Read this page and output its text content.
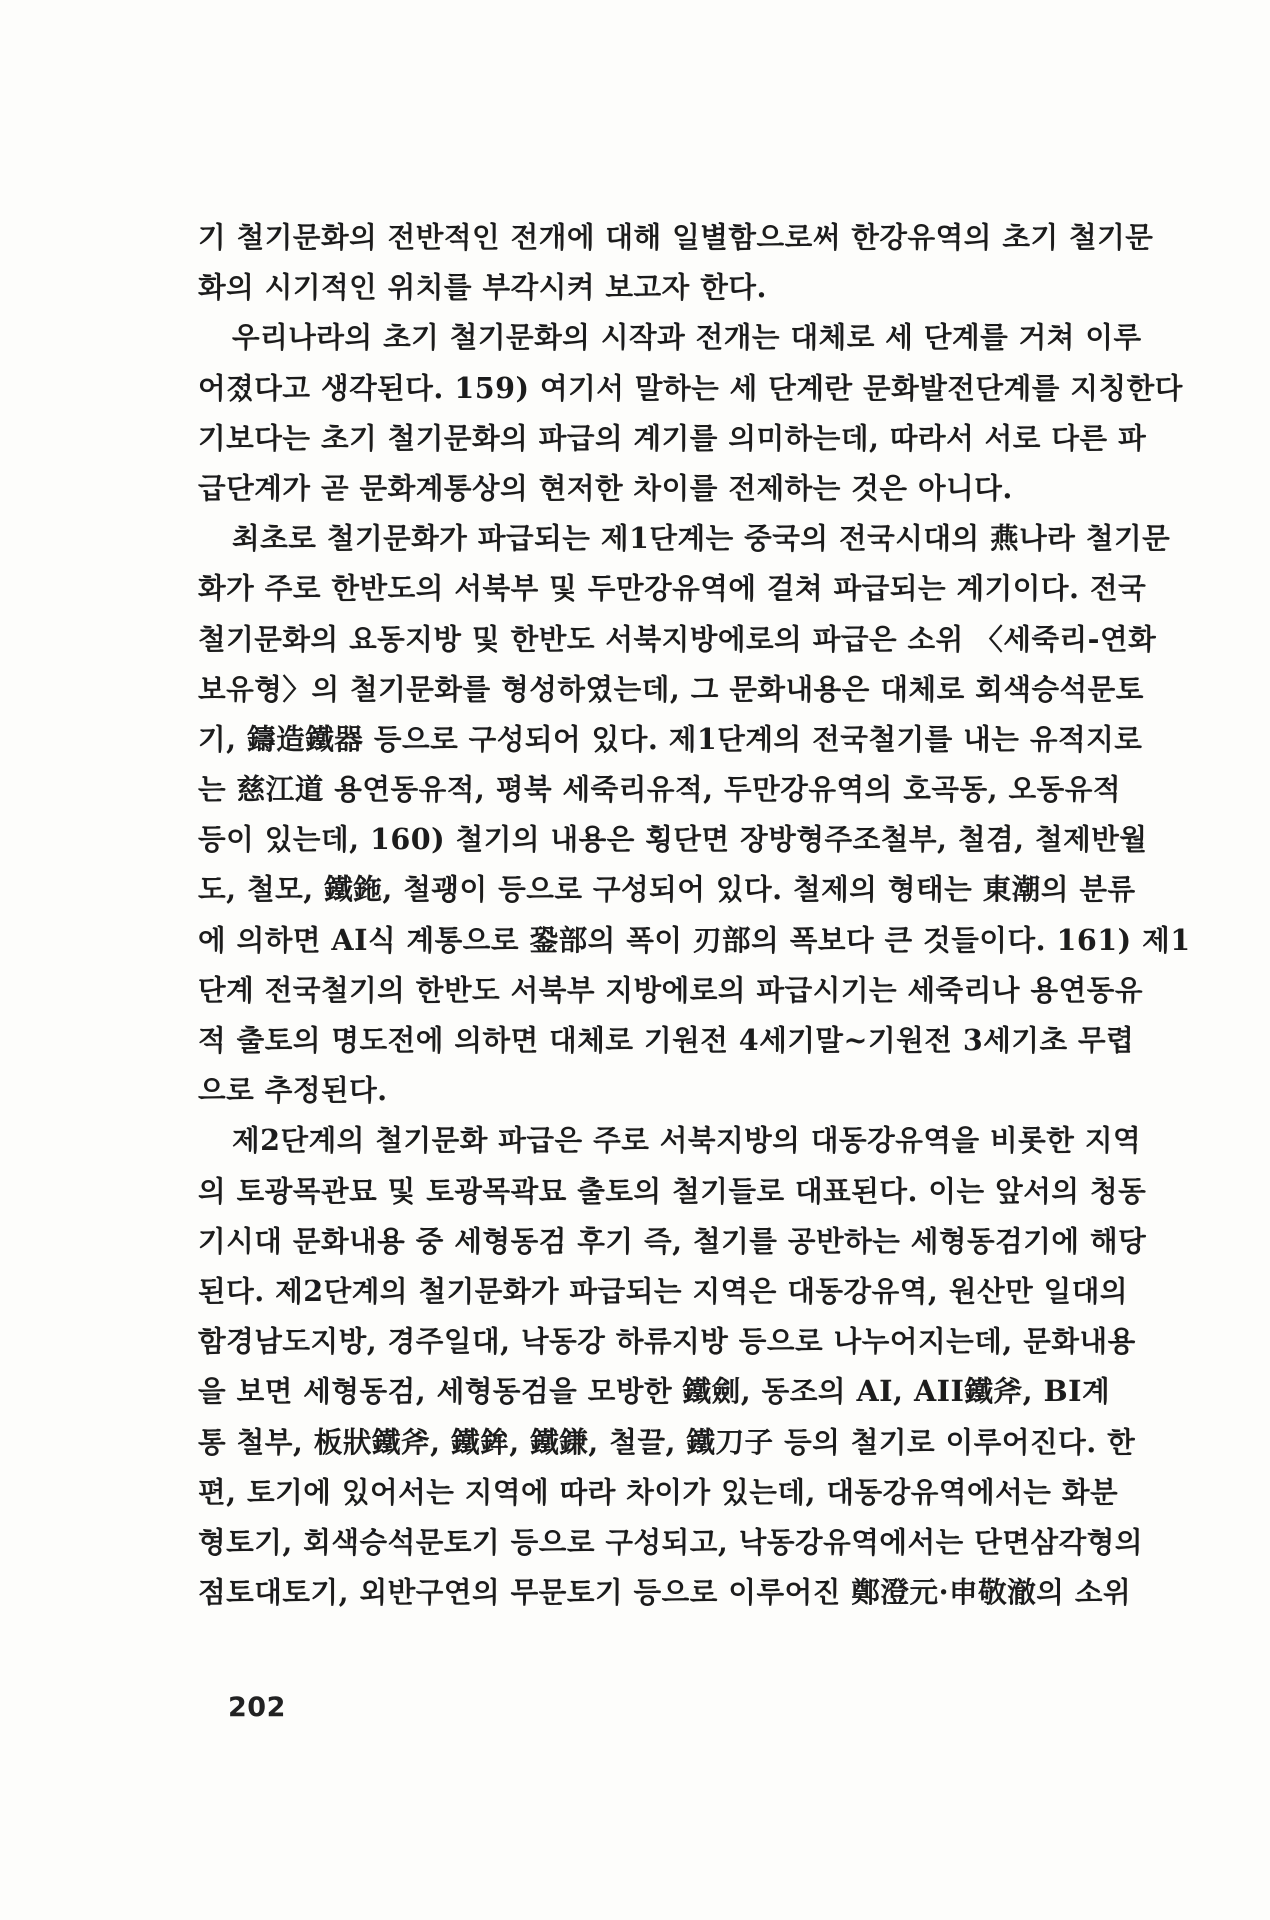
기 철기문화의 전반적인 전개에 대해 일별함으로써 한강유역의 초기 철기문
화의 시기적인 위치를 부각시켜 보고자 한다.
우리나라의 초기 철기문화의 시작과 전개는 대체로 세 단계를 거쳐 이루
어졌다고 생각된다. 159) 여기서 말하는 세 단계란 문화발전단계를 지칭한다
기보다는 초기 철기문화의 파급의 계기를 의미하는데, 따라서 서로 다른 파
급단계가 곧 문화계통상의 현저한 차이를 전제하는 것은 아니다.
최초로 철기문화가 파급되는 제1단계는 중국의 전국시대의 燕나라 철기문
화가 주로 한반도의 서북부 및 두만강유역에 걸쳐 파급되는 계기이다. 전국
철기문화의 요동지방 및 한반도 서북지방에로의 파급은 소위 〈세죽리-연화
보유형〉의 철기문화를 형성하였는데, 그 문화내용은 대체로 회색승석문토
기, 鑄造鐵器 등으로 구성되어 있다. 제1단계의 전국철기를 내는 유적지로
는 慈江道 용연동유적, 평북 세죽리유적, 두만강유역의 호곡동, 오동유적
등이 있는데, 160) 철기의 내용은 횡단면 장방형주조철부, 철겸, 철제반월
도, 철모, 鐵鉇, 철괭이 등으로 구성되어 있다. 철제의 형태는 東潮의 분류
에 의하면 AI식 계통으로 銎部의 폭이 刃部의 폭보다 큰 것들이다. 161) 제1
단계 전국철기의 한반도 서북부 지방에로의 파급시기는 세죽리나 용연동유
적 출토의 명도전에 의하면 대체로 기원전 4세기말~기원전 3세기초 무렵
으로 추정된다.
제2단계의 철기문화 파급은 주로 서북지방의 대동강유역을 비롯한 지역
의 토광목관묘 및 토광목곽묘 출토의 철기들로 대표된다. 이는 앞서의 청동
기시대 문화내용 중 세형동검 후기 즉, 철기를 공반하는 세형동검기에 해당
된다. 제2단계의 철기문화가 파급되는 지역은 대동강유역, 원산만 일대의
함경남도지방, 경주일대, 낙동강 하류지방 등으로 나누어지는데, 문화내용
을 보면 세형동검, 세형동검을 모방한 鐵劍, 동조의 AI, AII鐵斧, BI계
통 철부, 板狀鐵斧, 鐵鉾, 鐵鎌, 철끌, 鐵刀子 등의 철기로 이루어진다. 한
편, 토기에 있어서는 지역에 따라 차이가 있는데, 대동강유역에서는 화분
형토기, 회색승석문토기 등으로 구성되고, 낙동강유역에서는 단면삼각형의
점토대토기, 외반구연의 무문토기 등으로 이루어진 鄭澄元·申敬澈의 소위
202
